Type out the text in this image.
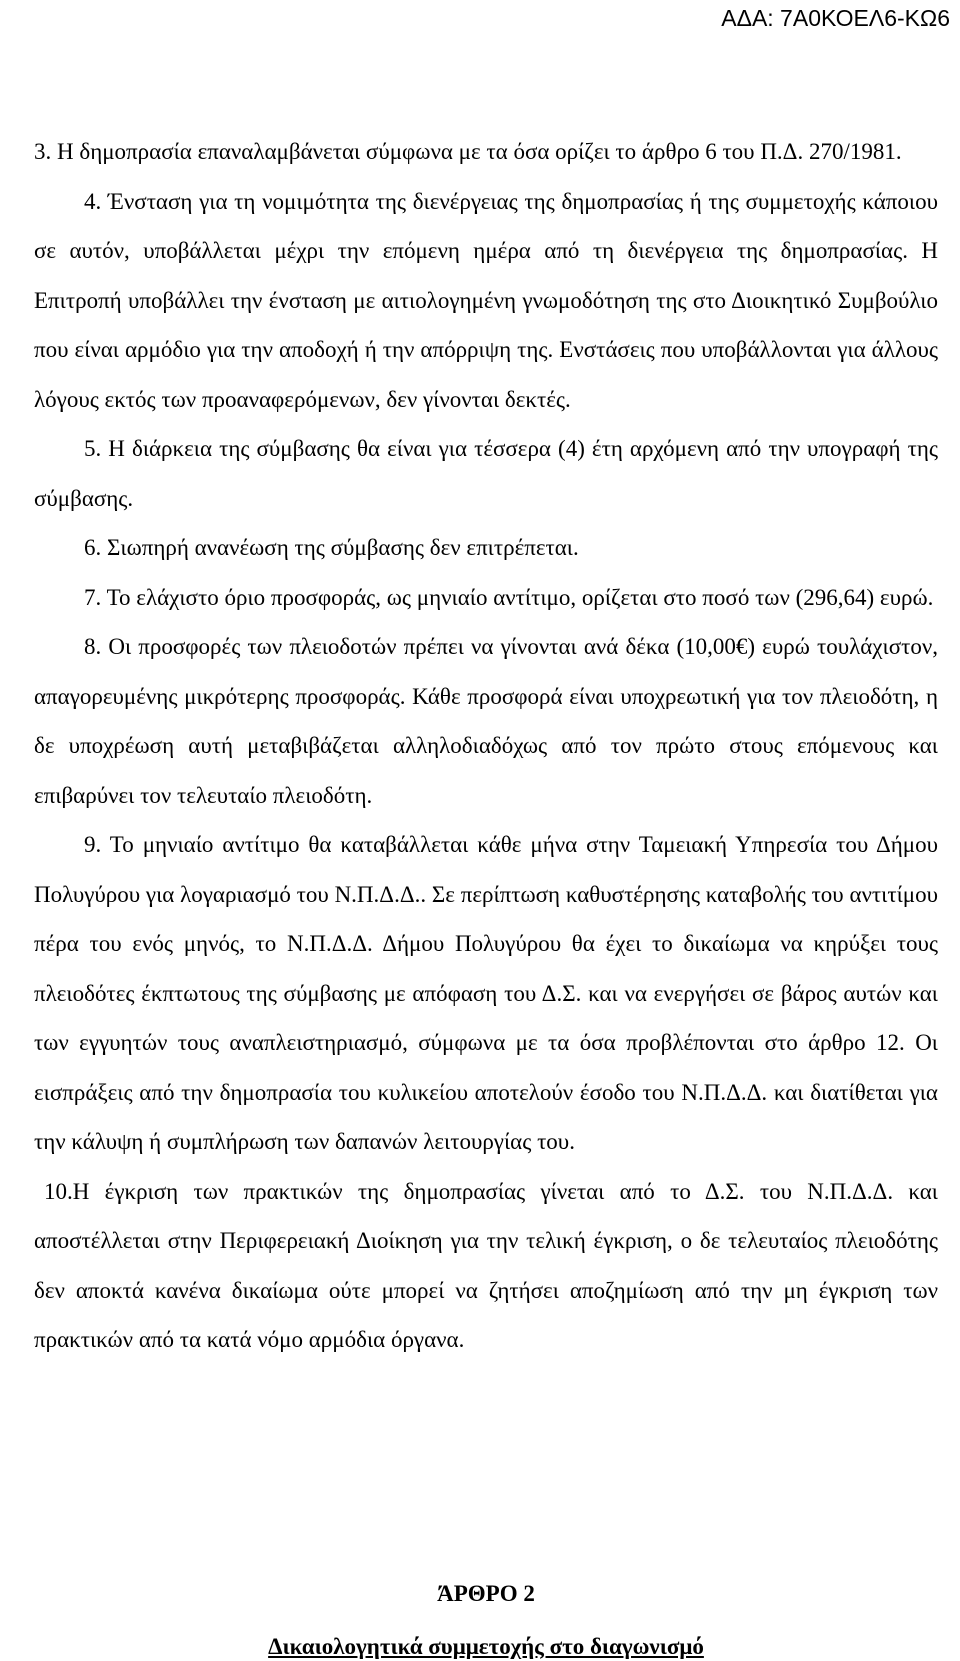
ΑΔΑ: 7Α0ΚΟΕΛ6-ΚΩ6

3. Η δημοπρασία επαναλαμβάνεται σύμφωνα με τα όσα ορίζει το άρθρο 6 του Π.Δ. 270/1981.

4. Ένσταση για τη νομιμότητα της διενέργειας της δημοπρασίας ή της συμμετοχής κάποιου σε αυτόν, υποβάλλεται μέχρι την επόμενη ημέρα από τη διενέργεια της δημοπρασίας. Η Επιτροπή υποβάλλει την ένσταση με αιτιολογημένη γνωμοδότηση της στο Διοικητικό Συμβούλιο που είναι αρμόδιο για την αποδοχή ή την απόρριψη της. Ενστάσεις που υποβάλλονται για άλλους λόγους εκτός των προαναφερόμενων, δεν γίνονται δεκτές.

5. Η διάρκεια της σύμβασης θα είναι για τέσσερα (4) έτη αρχόμενη από την υπογραφή της σύμβασης.

6. Σιωπηρή ανανέωση της σύμβασης δεν επιτρέπεται.

7. Το ελάχιστο όριο προσφοράς, ως μηνιαίο αντίτιμο, ορίζεται στο ποσό των (296,64) ευρώ.

8. Οι προσφορές των πλειοδοτών πρέπει να γίνονται ανά δέκα (10,00€) ευρώ τουλάχιστον, απαγορευμένης μικρότερης προσφοράς. Κάθε προσφορά είναι υποχρεωτική για τον πλειοδότη, η δε υποχρέωση αυτή μεταβιβάζεται αλληλοδιαδόχως από τον πρώτο στους επόμενους και επιβαρύνει τον τελευταίο πλειοδότη.

9. Το μηνιαίο αντίτιμο θα καταβάλλεται κάθε μήνα στην Ταμειακή Υπηρεσία του Δήμου Πολυγύρου για λογαριασμό του Ν.Π.Δ.Δ.. Σε περίπτωση καθυστέρησης καταβολής του αντιτίμου πέρα του ενός μηνός, το Ν.Π.Δ.Δ. Δήμου Πολυγύρου θα έχει το δικαίωμα να κηρύξει τους πλειοδότες έκπτωτους της σύμβασης με απόφαση του Δ.Σ. και να ενεργήσει σε βάρος αυτών και των εγγυητών τους αναπλειστηριασμό, σύμφωνα με τα όσα προβλέπονται στο άρθρο 12. Οι εισπράξεις από την δημοπρασία του κυλικείου αποτελούν έσοδο του Ν.Π.Δ.Δ. και διατίθεται για την κάλυψη ή συμπλήρωση των δαπανών λειτουργίας του.

10.Η έγκριση των πρακτικών της δημοπρασίας γίνεται από το Δ.Σ. του Ν.Π.Δ.Δ. και αποστέλλεται στην Περιφερειακή Διοίκηση για την τελική έγκριση, ο δε τελευταίος πλειοδότης δεν αποκτά κανένα δικαίωμα ούτε μπορεί να ζητήσει αποζημίωση από την μη έγκριση των πρακτικών από τα κατά νόμο αρμόδια όργανα.

ΆΡΘΡΟ 2
Δικαιολογητικά συμμετοχής στο διαγωνισμό
